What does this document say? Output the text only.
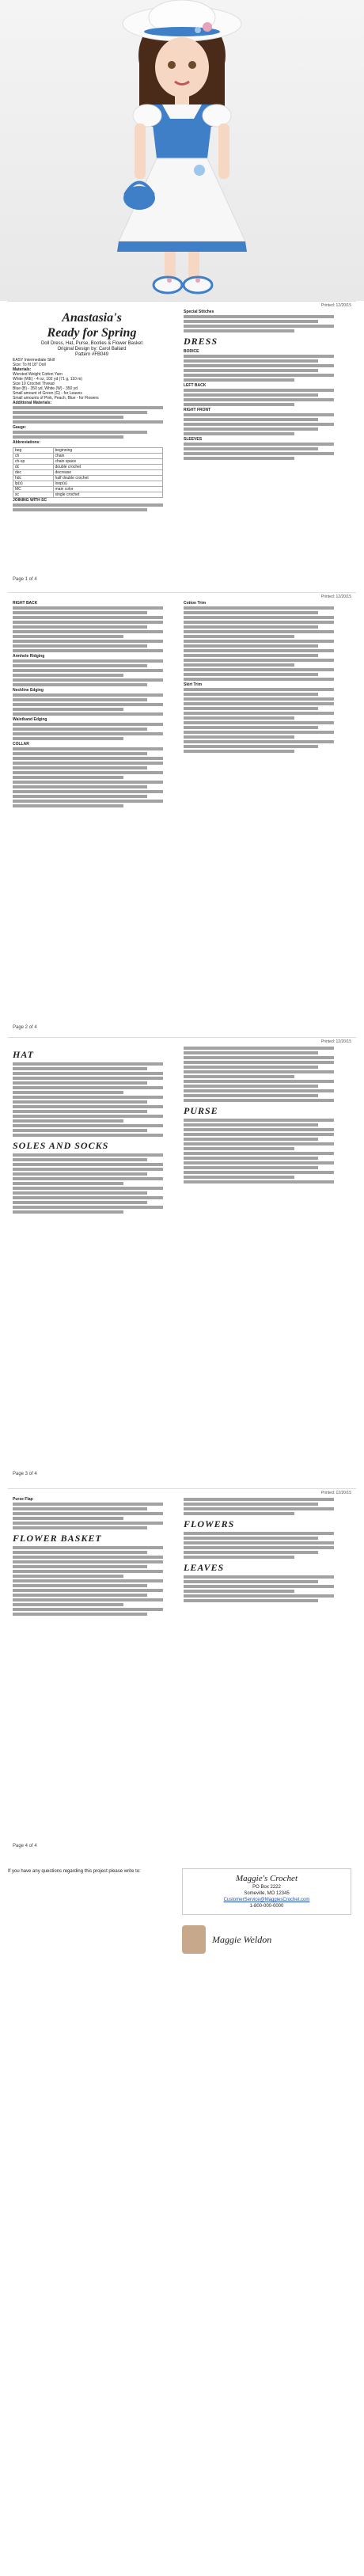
Printed: 12/20/15
Anastasia's
Ready for Spring
Doll Dress, Hat, Purse, Booties & Flower Basket
Original Design by: Carol Ballard
Pattern #FB049
EASY Intermediate Skill
Size: To fit 18" Doll
Materials:
Worsted Weight Cotton Yarn
White (WE) - 4 oz, 102 yd (71 g, 110 m)
Size 10 Crochet Thread
Blue (B) - 350 yd, White (W) - 350 yd
Small amount of Green (G) - for Leaves
Small amounts of Pink, Peach, Blue - for Flowers
Additional Materials:
Gauge:
Abbreviations:
beg	beginning
ch	chain
ch-sp	chain space
dc	double crochet
dec	decrease
hdc	half double crochet
lp(s)	loop(s)
MC	main color
sc	single crochet
JOINING WITH SC
Special Stitches
DRESS
BODICE
LEFT BACK
RIGHT FRONT
SLEEVES
Page 1 of 4
Printed: 12/20/15
RIGHT BACK
Armhole Ridging
Neckline Edging
Waistband Edging
COLLAR
Cotton Trim
Skirt Trim
Page 2 of 4
Printed: 12/20/15
HAT
SOLES AND SOCKS
PURSE
Page 3 of 4
Printed: 12/20/15
Purse Flap
FLOWER BASKET
FLOWERS
LEAVES
Page 4 of 4
If you have any questions regarding this project please write to:
Maggie's Crochet
PO Box 2222
Someville, MO 12345
CustomerService@MaggiesCrochet.com
1-800-000-0000
Maggie Weldon
